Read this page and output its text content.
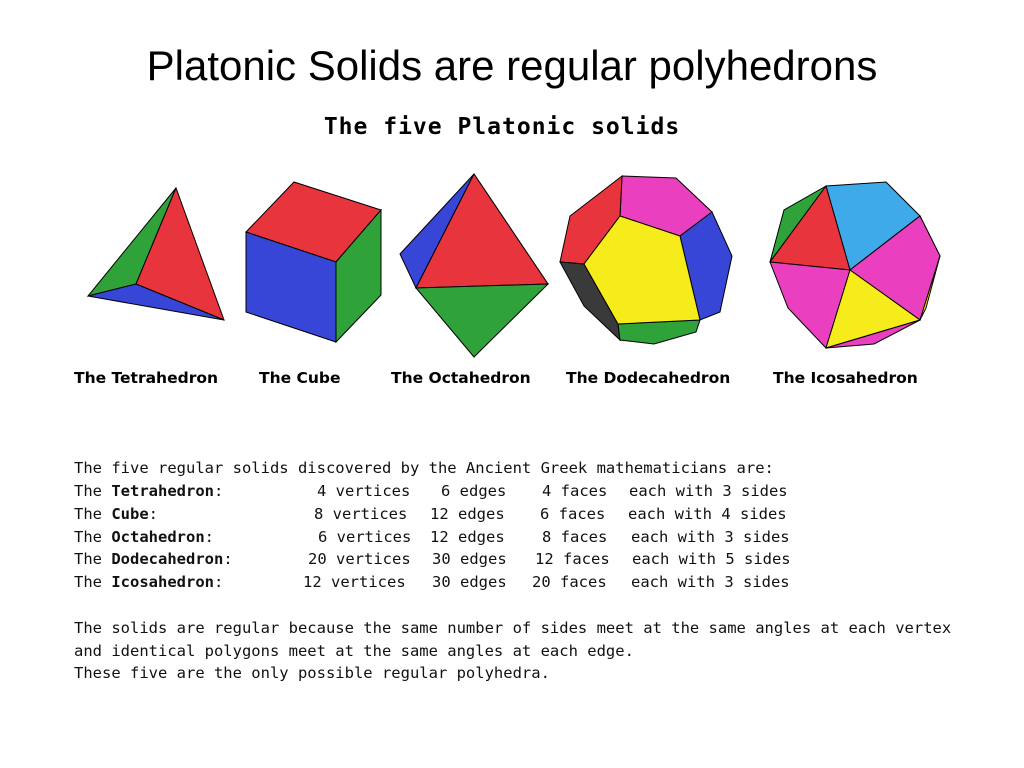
Platonic Solids are regular polyhedrons
The five Platonic solids
The Tetrahedron	The Cube	The Octahedron The Dodecahedron	The Icosahedron
The five regular solids discovered by the Ancient Greek mathematicians are:
The Tetrahedron:	4 vertices 6 edges 4 faces each with 3 sides
The Cube:	8 vertices 12 edges 6 faces each with 4 sides
The Octahedron:	6 vertices 12 edges 8 faces each with 3 sides
The Dodecahedron:	20 vertices 30 edges 12 faces each with 5 sides
The Icosahedron:	12 vertices 30 edges 20 faces each with 3 sides
The solids are regular because the same number of sides meet at the same angles at each vertex
and identical polygons meet at the same angles at each edge.
These five are the only possible regular polyhedra.
